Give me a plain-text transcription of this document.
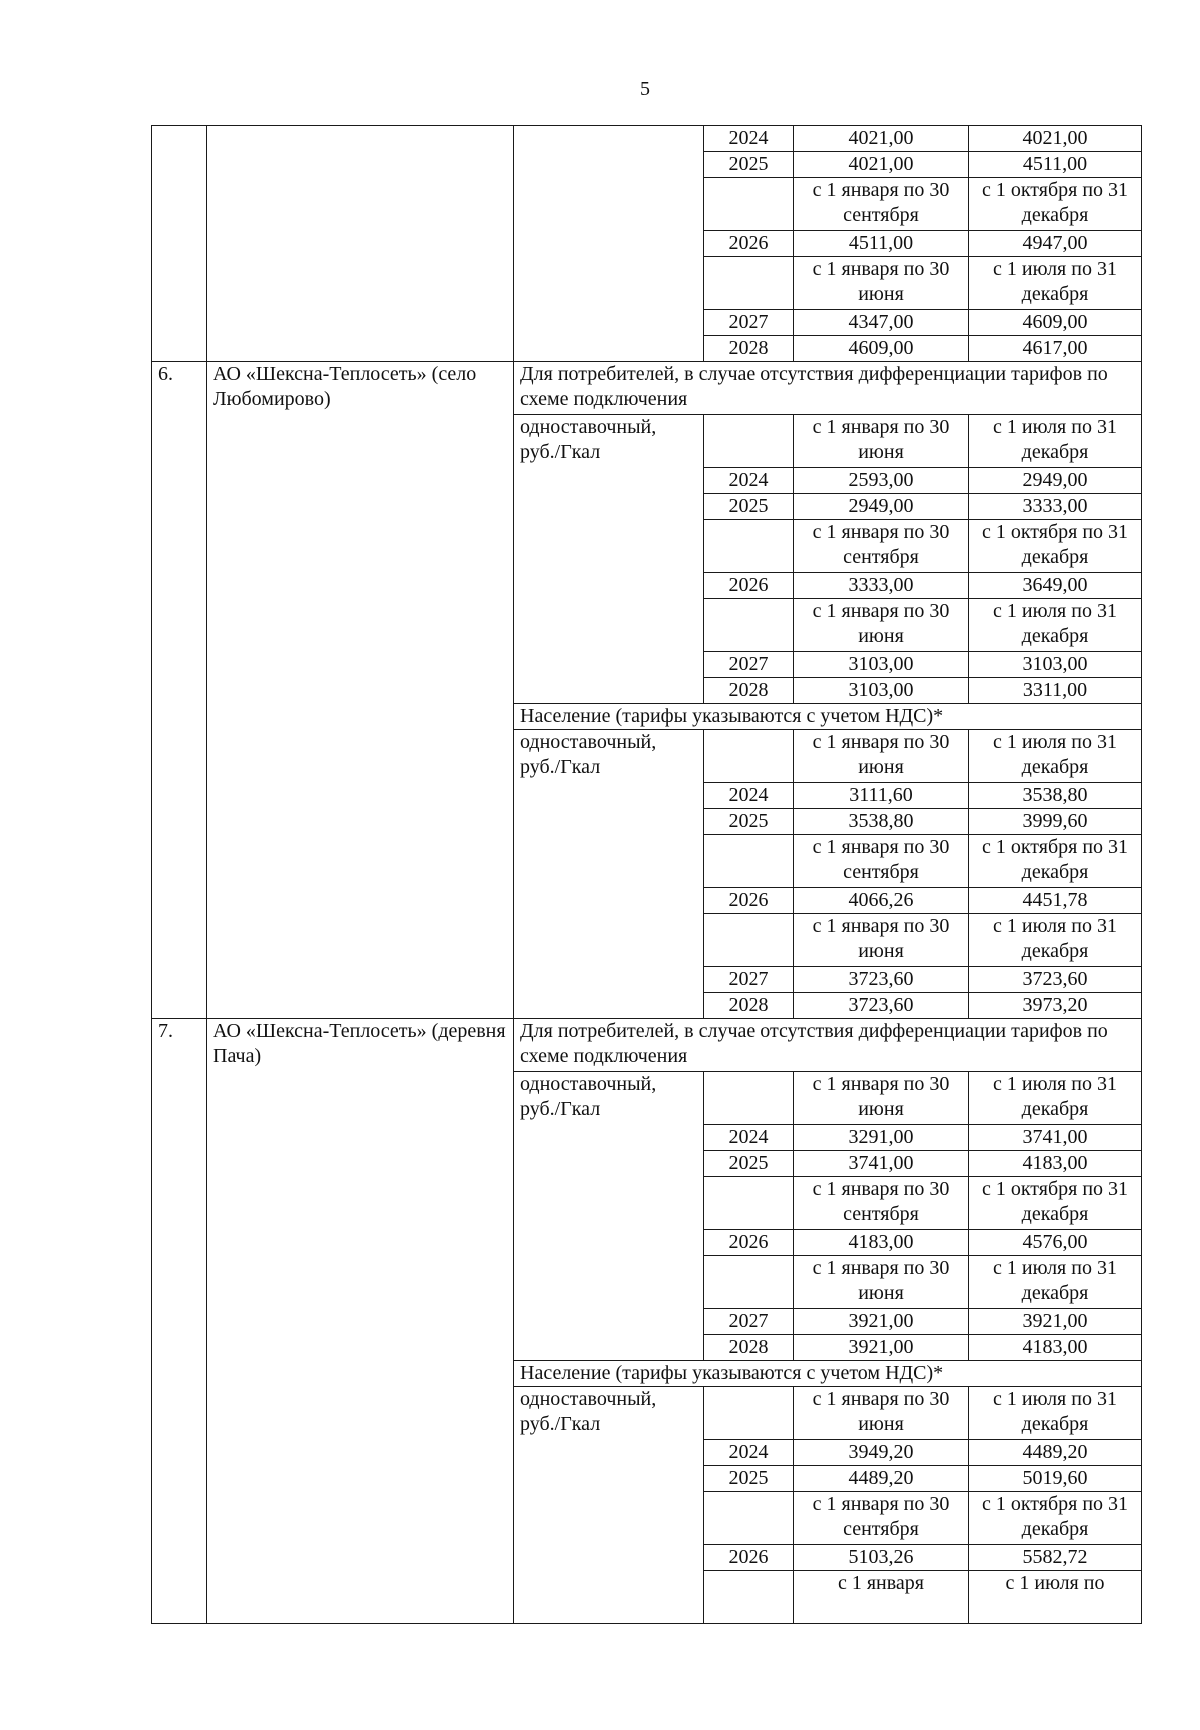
5
			2024	4021,00	4021,00
			2025	4021,00	4511,00
				с 1 января по 30 сентября	с 1 октября по 31 декабря
			2026	4511,00	4947,00
				с 1 января по 30 июня	с 1 июля по 31 декабря
			2027	4347,00	4609,00
			2028	4609,00	4617,00
6.	АО «Шексна-Теплосеть» (село Любомирово)	Для потребителей, в случае отсутствия дифференциации тарифов по схеме подключения			
		одноставочный, руб./Гкал		с 1 января по 30 июня	с 1 июля по 31 декабря
			2024	2593,00	2949,00
			2025	2949,00	3333,00
				с 1 января по 30 сентября	с 1 октября по 31 декабря
			2026	3333,00	3649,00
				с 1 января по 30 июня	с 1 июля по 31 декабря
			2027	3103,00	3103,00
			2028	3103,00	3311,00
		Население (тарифы указываются с учетом НДС)*			
		одноставочный, руб./Гкал		с 1 января по 30 июня	с 1 июля по 31 декабря
			2024	3111,60	3538,80
			2025	3538,80	3999,60
				с 1 января по 30 сентября	с 1 октября по 31 декабря
			2026	4066,26	4451,78
				с 1 января по 30 июня	с 1 июля по 31 декабря
			2027	3723,60	3723,60
			2028	3723,60	3973,20
7.	АО «Шексна-Теплосеть» (деревня Пача)	Для потребителей, в случае отсутствия дифференциации тарифов по схеме подключения			
		одноставочный, руб./Гкал		с 1 января по 30 июня	с 1 июля по 31 декабря
			2024	3291,00	3741,00
			2025	3741,00	4183,00
				с 1 января по 30 сентября	с 1 октября по 31 декабря
			2026	4183,00	4576,00
				с 1 января по 30 июня	с 1 июля по 31 декабря
			2027	3921,00	3921,00
			2028	3921,00	4183,00
		Население (тарифы указываются с учетом НДС)*			
		одноставочный, руб./Гкал		с 1 января по 30 июня	с 1 июля по 31 декабря
			2024	3949,20	4489,20
			2025	4489,20	5019,60
				с 1 января по 30 сентября	с 1 октября по 31 декабря
			2026	5103,26	5582,72
				с 1 января	с 1 июля по
